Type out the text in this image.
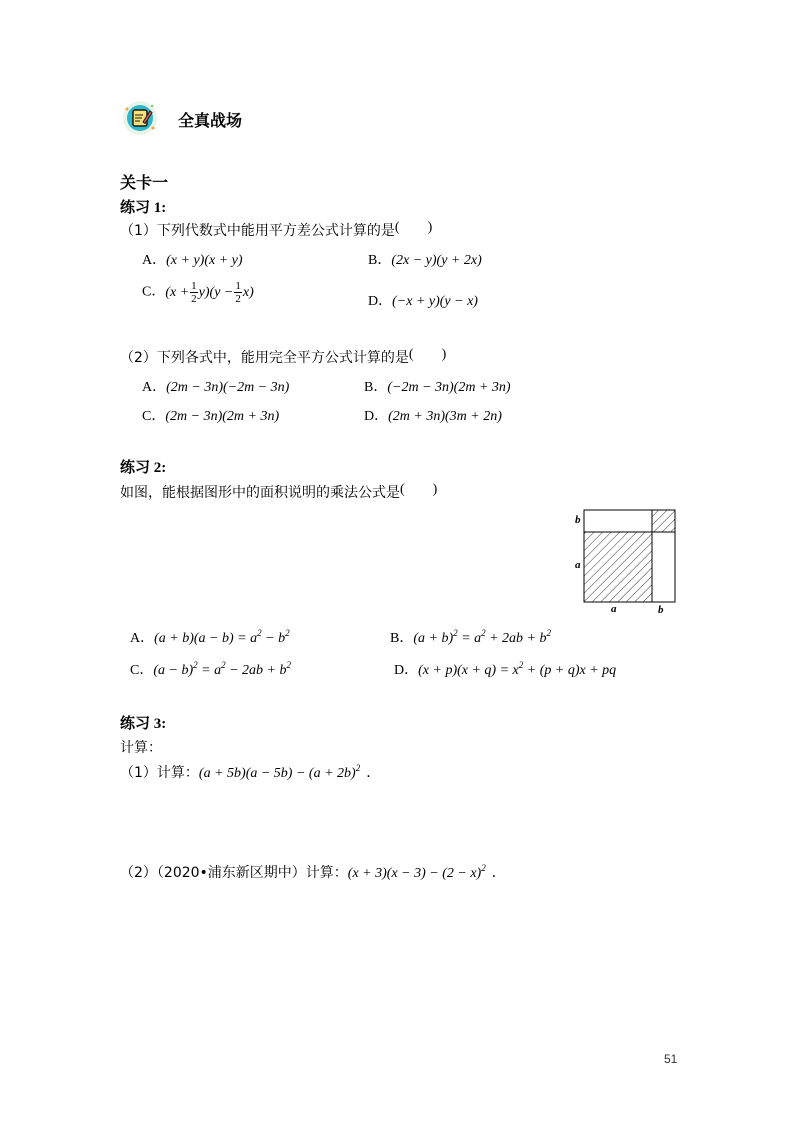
全真战场
关卡一
练习 1:
（1）下列代数式中能用平方差公式计算的是(        )
A．(x + y)(x + y)	B．(2x − y)(y + 2x)
C．$(x + \frac{1}{2} y)(y - \frac{1}{2} x)$
D．(−x + y)(y − x)
（2）下列各式中，能用完全平方公式计算的是(        )
A．(2m − 3n)(−2m − 3n)	B．(−2m − 3n)(2m + 3n)
C．(2m − 3n)(2m + 3n)	D．(2m + 3n)(3m + 2n)
练习 2:
如图，能根据图形中的面积说明的乘法公式是(        )
b
a
a	b
A．$(a + b)(a - b) = a^2 - b^2$	B．$(a + b)^2 = a^2 + 2ab + b^2$
C．$(a - b)^2 = a^2 - 2ab + b^2$	D．$(x + p)(x + q) = x^2 + (p + q)x$ + pq
练习 3:
计算：
（1）计算：$(a + 5b)(a - 5b) - (a + 2b)^2$ ．
（2）（2020•浦东新区期中）计算：$(x + 3)(x - 3) - (2 - x)^2$ ．
51
